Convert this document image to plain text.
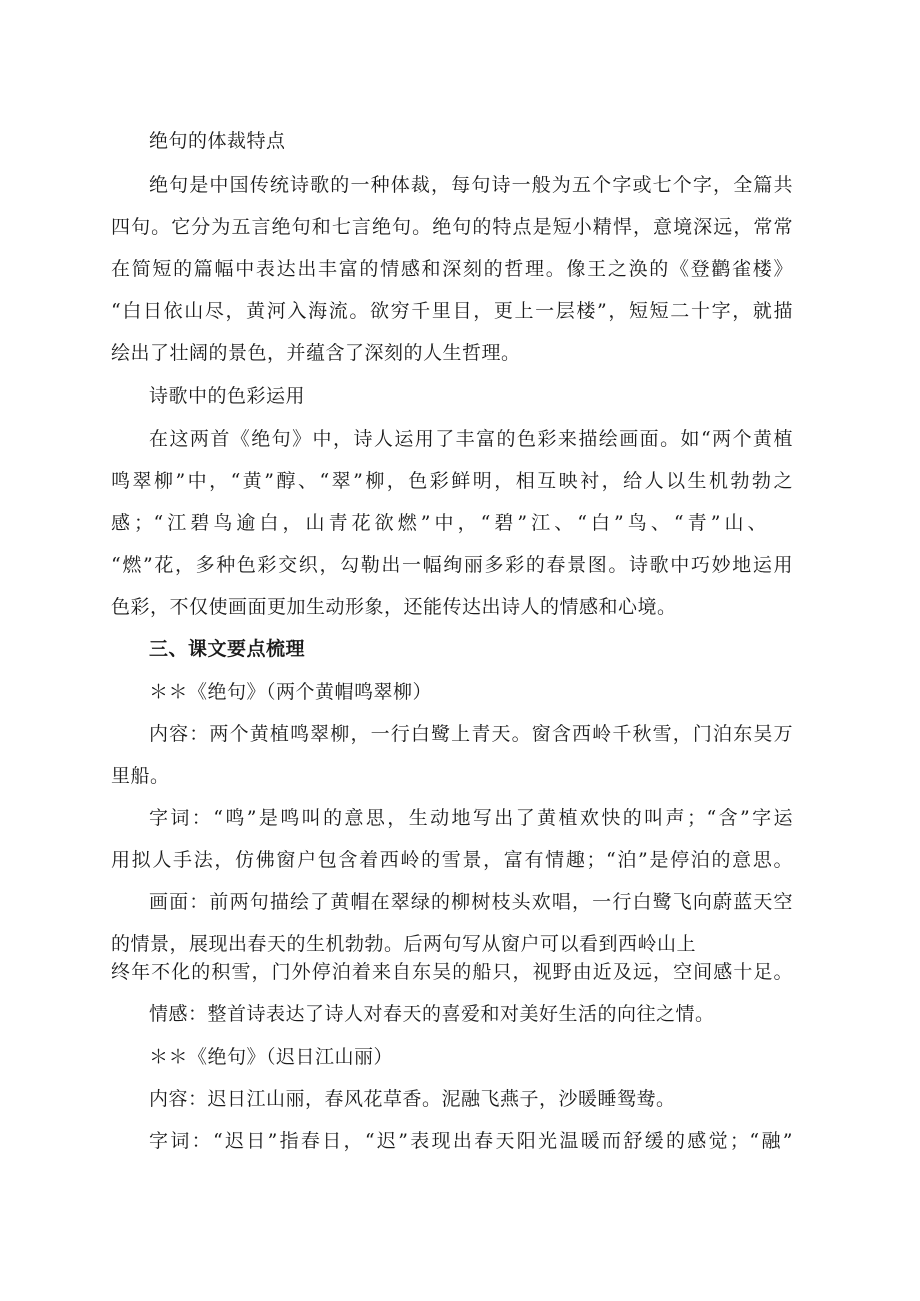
绝句的体裁特点
绝句是中国传统诗歌的一种体裁，每句诗一般为五个字或七个字，全篇共
四句。它分为五言绝句和七言绝句。绝句的特点是短小精悍，意境深远，常常
在简短的篇幅中表达出丰富的情感和深刻的哲理。像王之涣的《登鹳雀楼》
“白日依山尽，黄河入海流。欲穷千里目，更上一层楼”，短短二十字，就描
绘出了壮阔的景色，并蕴含了深刻的人生哲理。
诗歌中的色彩运用
在这两首《绝句》中，诗人运用了丰富的色彩来描绘画面。如“两个黄植
鸣翠柳”中，“黄”醇、“翠”柳，色彩鲜明，相互映衬，给人以生机勃勃之
感；“江碧鸟逾白，山青花欲燃”中，“碧”江、“白”鸟、“青”山、
“燃”花，多种色彩交织，勾勒出一幅绚丽多彩的春景图。诗歌中巧妙地运用
色彩，不仅使画面更加生动形象，还能传达出诗人的情感和心境。
三、课文要点梳理
＊＊《绝句》（两个黄帽鸣翠柳）
内容：两个黄植鸣翠柳，一行白鹭上青天。窗含西岭千秋雪，门泊东吴万
里船。
字词：“鸣”是鸣叫的意思，生动地写出了黄植欢快的叫声；“含”字运
用拟人手法，仿佛窗户包含着西岭的雪景，富有情趣；“泊”是停泊的意思。
画面：前两句描绘了黄帽在翠绿的柳树枝头欢唱，一行白鹭飞向蔚蓝天空
的情景，展现出春天的生机勃勃。后两句写从窗户可以看到西岭山上
终年不化的积雪，门外停泊着来自东吴的船只，视野由近及远，空间感十足。
情感：整首诗表达了诗人对春天的喜爱和对美好生活的向往之情。
＊＊《绝句》（迟日江山丽）
内容：迟日江山丽，春风花草香。泥融飞燕子，沙暖睡鸳鸯。
字词：“迟日”指春日，“迟”表现出春天阳光温暖而舒缓的感觉；“融”
